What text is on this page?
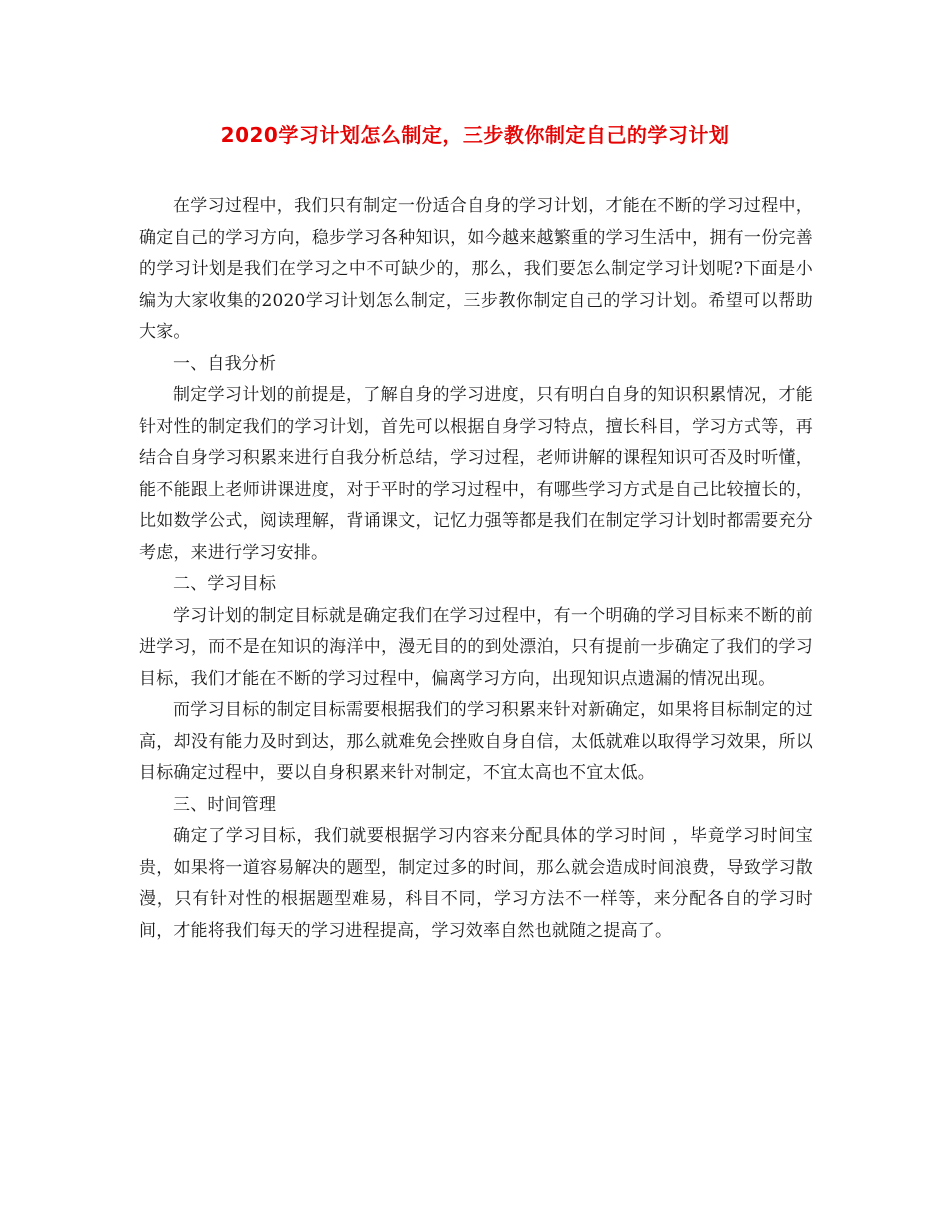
2020学习计划怎么制定，三步教你制定自己的学习计划

在学习过程中，我们只有制定一份适合自身的学习计划，才能在不断的学习过程中，确定自己的学习方向，稳步学习各种知识，如今越来越繁重的学习生活中，拥有一份完善的学习计划是我们在学习之中不可缺少的，那么，我们要怎么制定学习计划呢?下面是小编为大家收集的2020学习计划怎么制定，三步教你制定自己的学习计划。希望可以帮助大家。

一、自我分析

制定学习计划的前提是，了解自身的学习进度，只有明白自身的知识积累情况，才能针对性的制定我们的学习计划，首先可以根据自身学习特点，擅长科目，学习方式等，再结合自身学习积累来进行自我分析总结，学习过程，老师讲解的课程知识可否及时听懂，能不能跟上老师讲课进度，对于平时的学习过程中，有哪些学习方式是自己比较擅长的，比如数学公式，阅读理解，背诵课文，记忆力强等都是我们在制定学习计划时都需要充分考虑，来进行学习安排。

二、学习目标

学习计划的制定目标就是确定我们在学习过程中，有一个明确的学习目标来不断的前进学习，而不是在知识的海洋中，漫无目的的到处漂泊，只有提前一步确定了我们的学习目标，我们才能在不断的学习过程中，偏离学习方向，出现知识点遗漏的情况出现。

而学习目标的制定目标需要根据我们的学习积累来针对新确定，如果将目标制定的过高，却没有能力及时到达，那么就难免会挫败自身自信，太低就难以取得学习效果，所以目标确定过程中，要以自身积累来针对制定，不宜太高也不宜太低。

三、时间管理

确定了学习目标，我们就要根据学习内容来分配具体的学习时间 ，毕竟学习时间宝贵，如果将一道容易解决的题型，制定过多的时间，那么就会造成时间浪费，导致学习散漫，只有针对性的根据题型难易，科目不同，学习方法不一样等，来分配各自的学习时间，才能将我们每天的学习进程提高，学习效率自然也就随之提高了。
